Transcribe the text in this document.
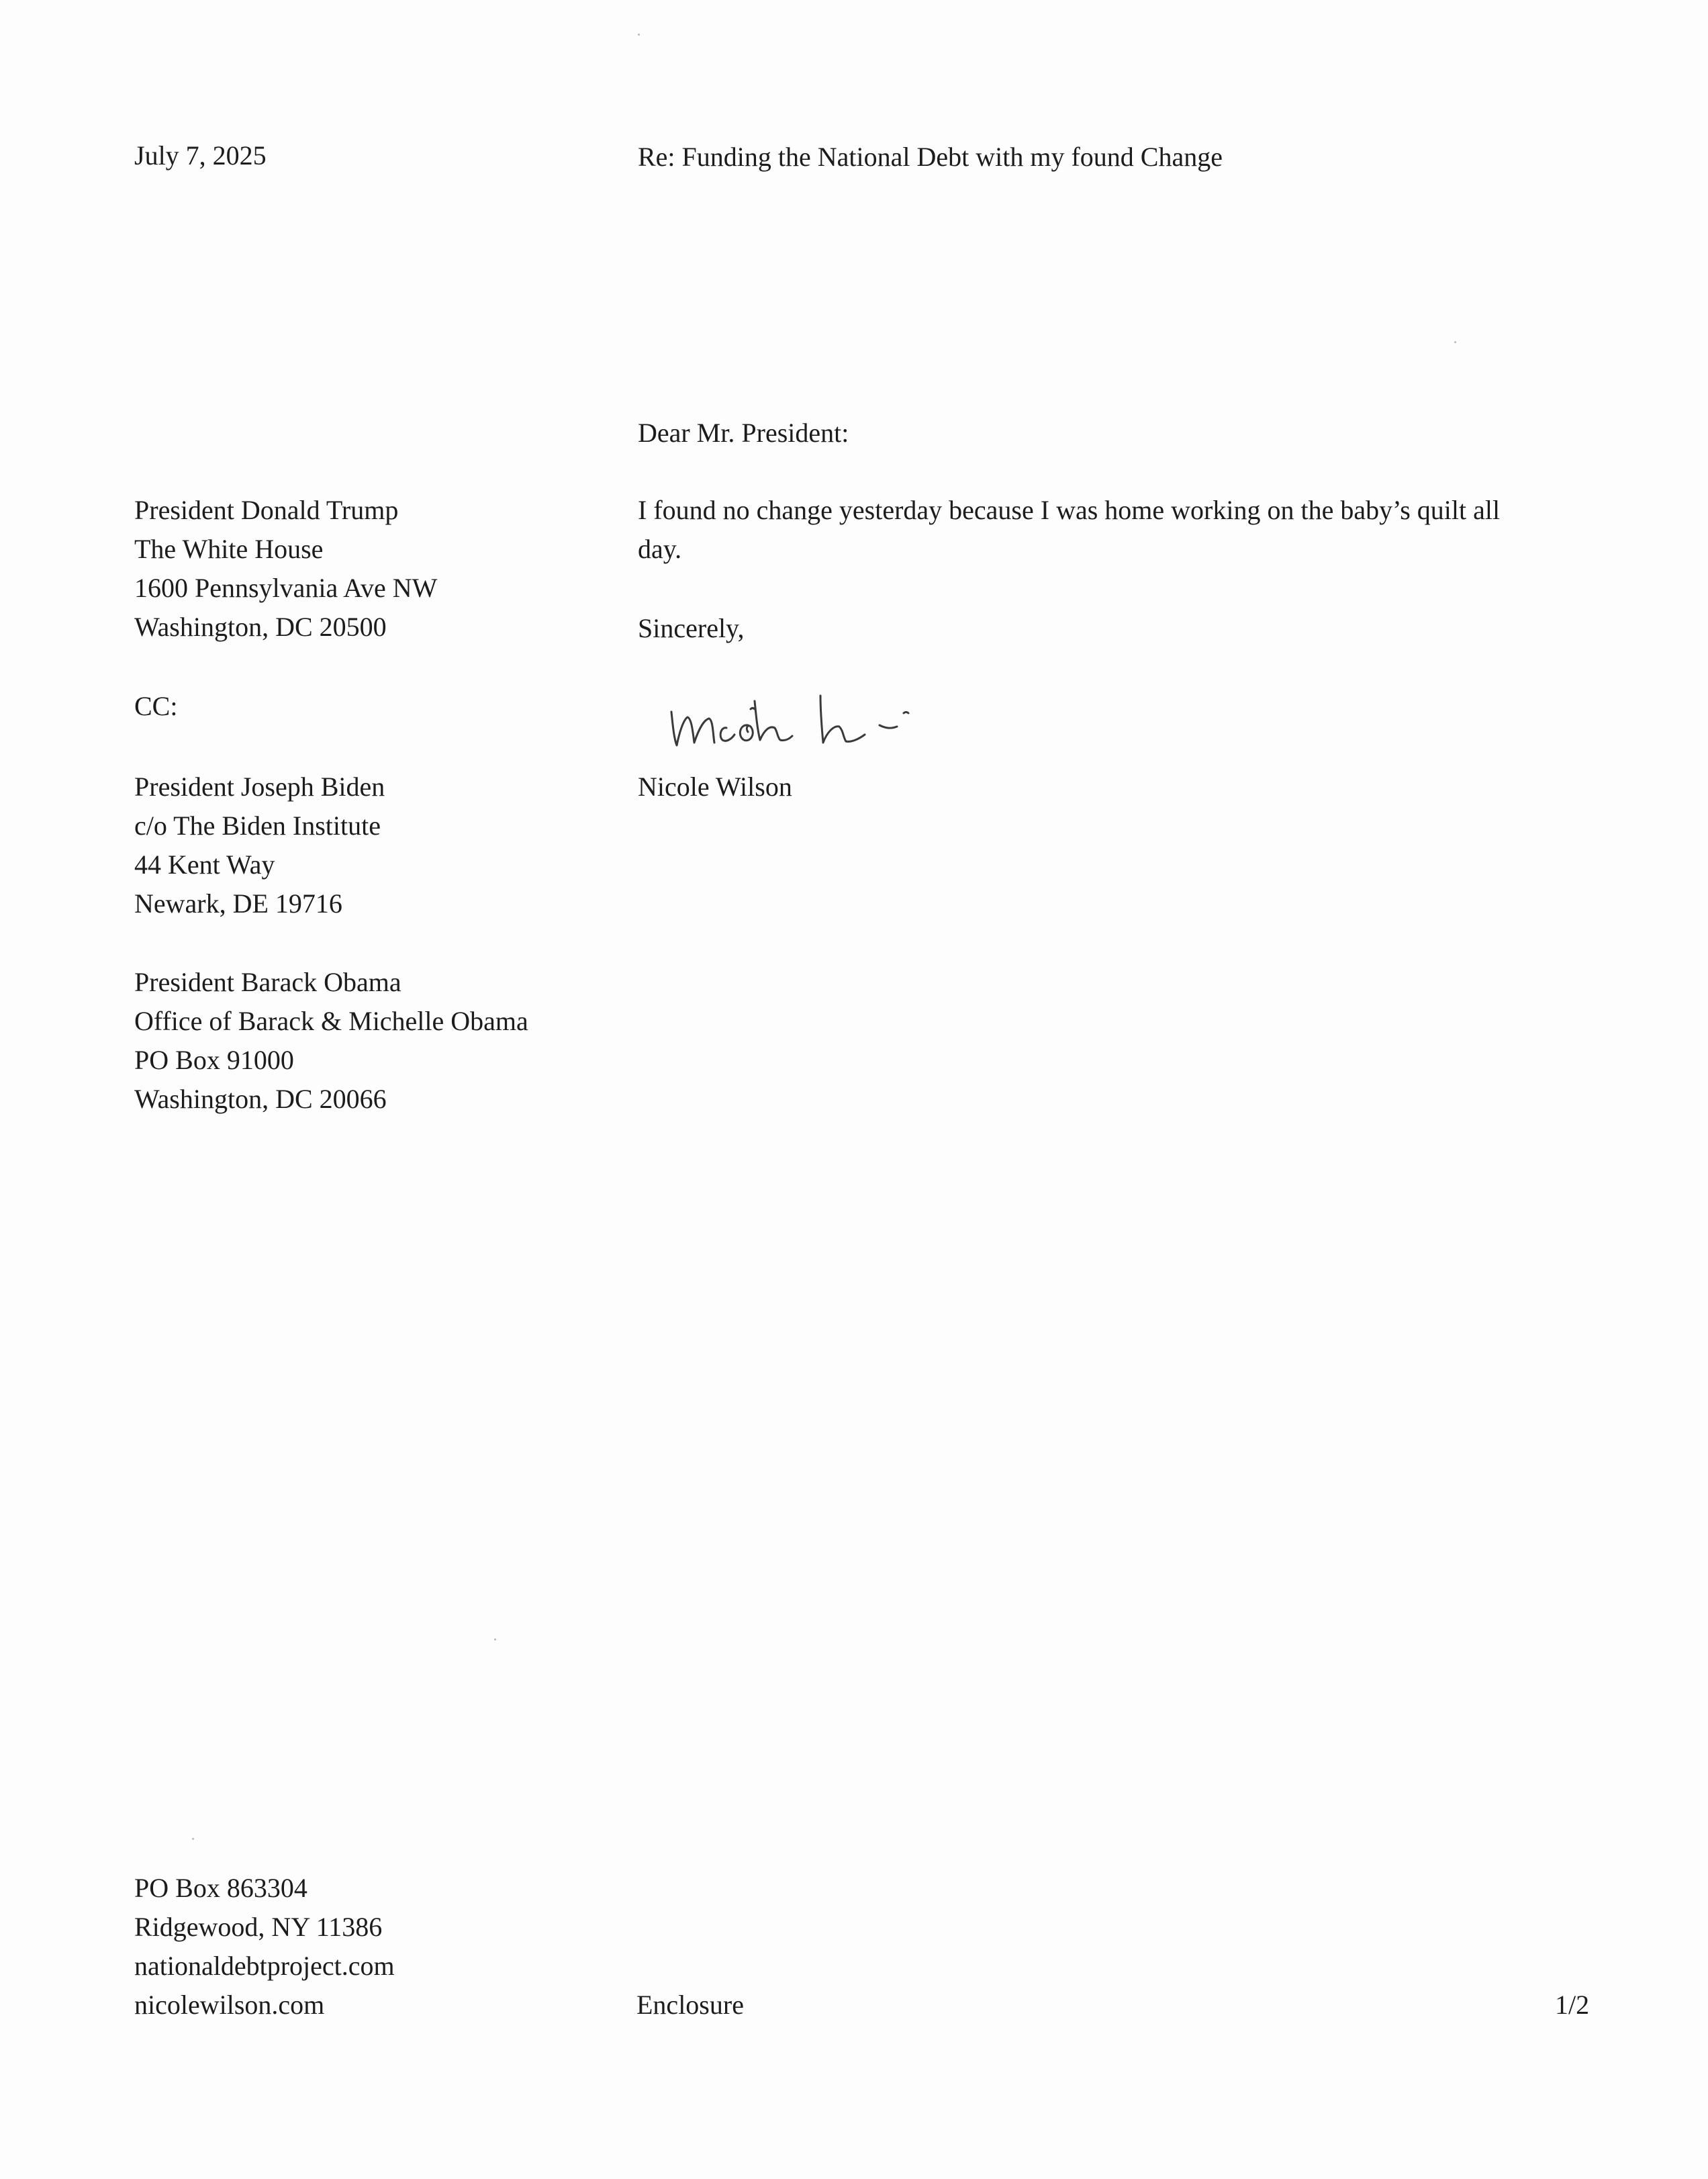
July 7, 2025	Re: Funding the National Debt with my found Change
Dear Mr. President:
President Donald Trump
The White House
1600 Pennsylvania Ave NW
Washington, DC 20500
I found no change yesterday because I was home working on the baby’s quilt all day.
Sincerely,
CC:
Nicole Wilson
President Joseph Biden
c/o The Biden Institute
44 Kent Way
Newark, DE 19716
President Barack Obama
Office of Barack & Michelle Obama
PO Box 91000
Washington, DC 20066
PO Box 863304
Ridgewood, NY 11386
nationaldebtproject.com
nicolewilson.com	Enclosure	1/2
